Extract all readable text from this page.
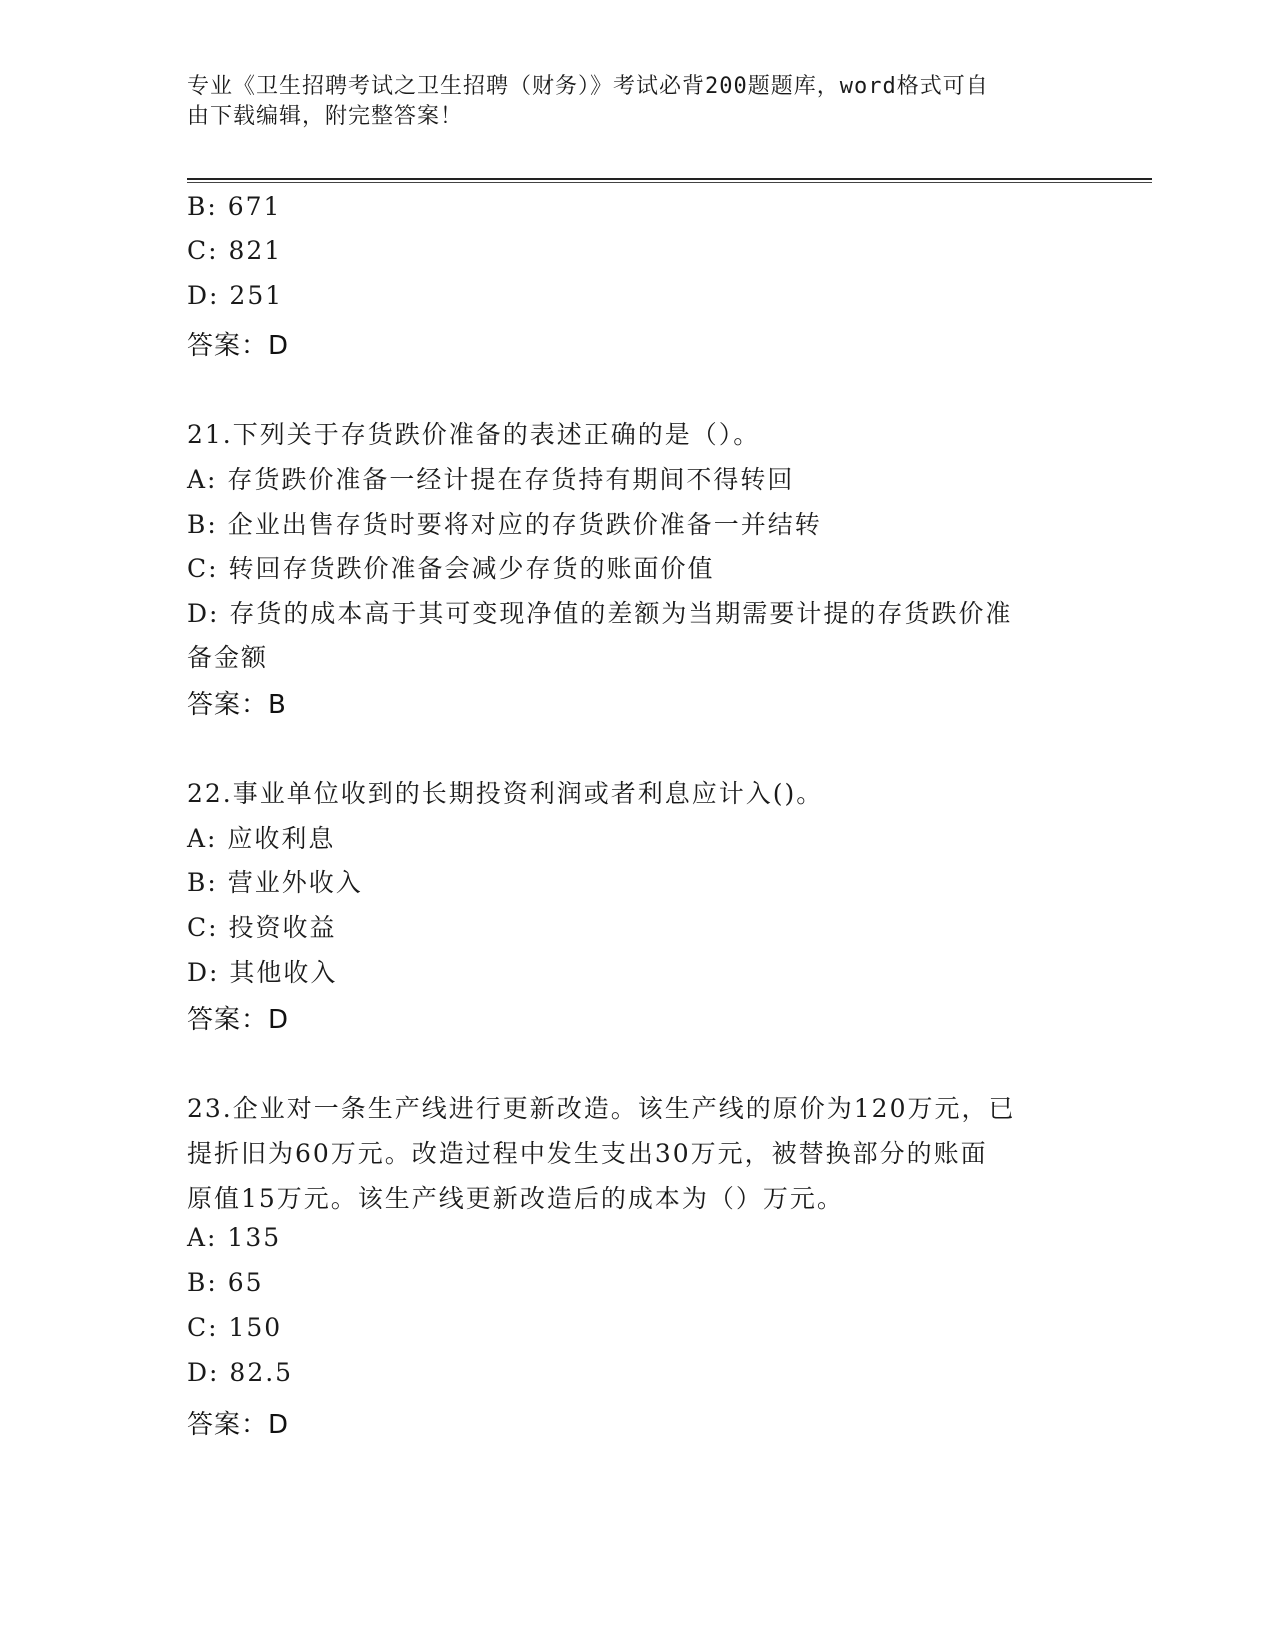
专业《卫生招聘考试之卫生招聘（财务）》考试必背200题题库，word格式可自
由下载编辑，附完整答案！
B: 671
C: 821
D: 251
答案：D
21.下列关于存货跌价准备的表述正确的是（）。
A: 存货跌价准备一经计提在存货持有期间不得转回
B: 企业出售存货时要将对应的存货跌价准备一并结转
C: 转回存货跌价准备会减少存货的账面价值
D: 存货的成本高于其可变现净值的差额为当期需要计提的存货跌价准
备金额
答案：B
22.事业单位收到的长期投资利润或者利息应计入()。
A: 应收利息
B: 营业外收入
C: 投资收益
D: 其他收入
答案：D
23.企业对一条生产线进行更新改造。该生产线的原价为120万元，已
提折旧为60万元。改造过程中发生支出30万元，被替换部分的账面
原值15万元。该生产线更新改造后的成本为（）万元。
A: 135
B: 65
C: 150
D: 82.5
答案：D
